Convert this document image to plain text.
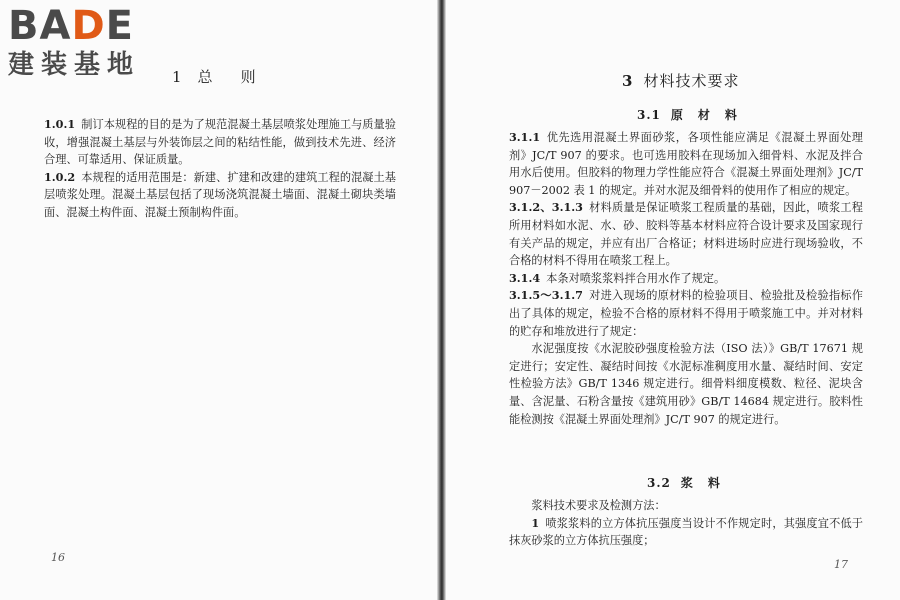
BADE
建装基地	1 总 则

1.0.1 制订本规程的目的是为了规范混凝土基层喷浆处理施工与质量验收，增强混凝土基层与外装饰层之间的粘结性能，做到技术先进、经济合理、可靠适用、保证质量。

1.0.2 本规程的适用范围是：新建、扩建和改建的建筑工程的混凝土基层喷浆处理。混凝土基层包括了现场浇筑混凝土墙面、混凝土砌块类墙面、混凝土构件面、混凝土预制构件面。

16
3 材料技术要求
3.1 原 材 料

3.1.1 优先选用混凝土界面砂浆，各项性能应满足《混凝土界面处理剂》JC/T 907 的要求。也可选用胶料在现场加入细骨料、水泥及拌合用水后使用。但胶料的物理力学性能应符合《混凝土界面处理剂》JC/T 907－2002 表 1 的规定。并对水泥及细骨料的使用作了相应的规定。

3.1.2、3.1.3 材料质量是保证喷浆工程质量的基础，因此，喷浆工程所用材料如水泥、水、砂、胶料等基本材料应符合设计要求及国家现行有关产品的规定，并应有出厂合格证；材料进场时应进行现场验收，不合格的材料不得用在喷浆工程上。

3.1.4 本条对喷浆浆料拌合用水作了规定。

3.1.5～3.1.7 对进入现场的原材料的检验项目、检验批及检验指标作出了具体的规定，检验不合格的原材料不得用于喷浆施工中。并对材料的贮存和堆放进行了规定：

水泥强度按《水泥胶砂强度检验方法（ISO 法）》GB/T 17671 规定进行；安定性、凝结时间按《水泥标准稠度用水量、凝结时间、安定性检验方法》GB/T 1346 规定进行。细骨料细度模数、粒径、泥块含量、含泥量、石粉含量按《建筑用砂》GB/T 14684 规定进行。胶料性能检测按《混凝土界面处理剂》JC/T 907 的规定进行。

3.2 浆 料

浆料技术要求及检测方法：

1 喷浆浆料的立方体抗压强度当设计不作规定时，其强度宜不低于抹灰砂浆的立方体抗压强度；

17
